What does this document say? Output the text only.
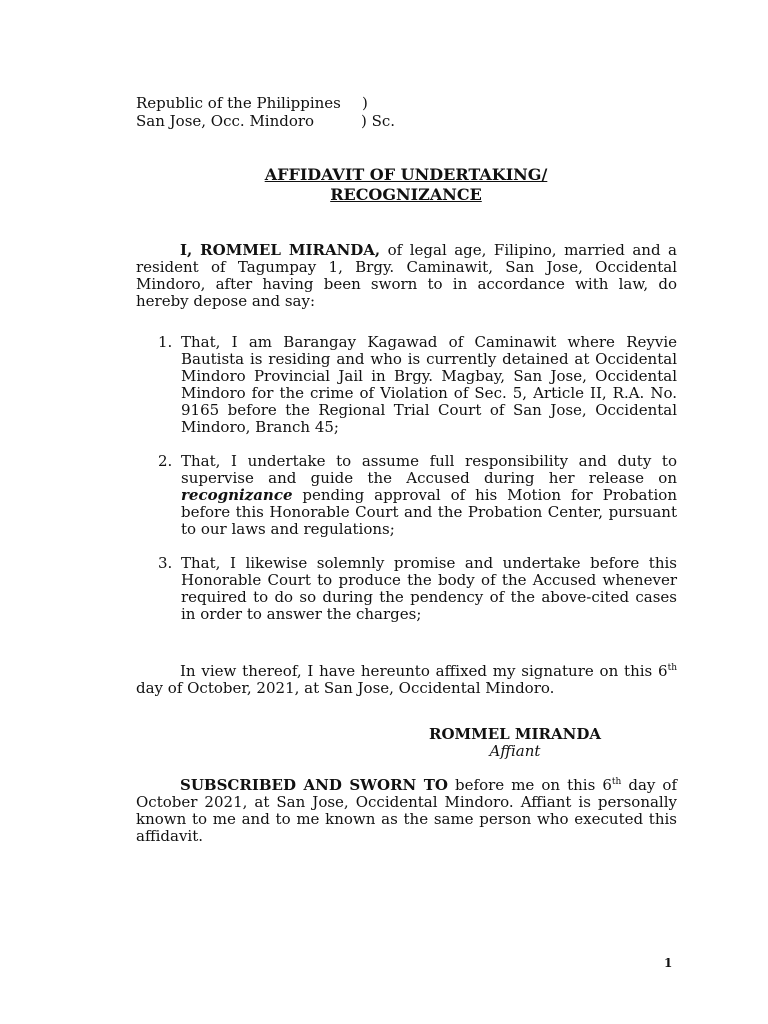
Republic of the Philippines )
San Jose, Occ. Mindoro	) Sc.
AFFIDAVIT OF UNDERTAKING/
RECOGNIZANCE
I, ROMMEL MIRANDA, of legal age, Filipino, married and a resident of Tagumpay 1, Brgy. Caminawit, San Jose, Occidental Mindoro, after having been sworn to in accordance with law, do hereby depose and say:
1. That, I am Barangay Kagawad of Caminawit where Reyvie Bautista is residing and who is currently detained at Occidental Mindoro Provincial Jail in Brgy. Magbay, San Jose, Occidental Mindoro for the crime of Violation of Sec. 5, Article II, R.A. No. 9165 before the Regional Trial Court of San Jose, Occidental Mindoro, Branch 45;
2. That, I undertake to assume full responsibility and duty to supervise and guide the Accused during her release on recognizance pending approval of his Motion for Probation before this Honorable Court and the Probation Center, pursuant to our laws and regulations;
3. That, I likewise solemnly promise and undertake before this Honorable Court to produce the body of the Accused whenever required to do so during the pendency of the above-cited cases in order to answer the charges;
In view thereof, I have hereunto affixed my signature on this 6th day of October, 2021, at San Jose, Occidental Mindoro.
ROMMEL MIRANDA
Affiant
SUBSCRIBED AND SWORN TO before me on this 6th day of October 2021, at San Jose, Occidental Mindoro. Affiant is personally known to me and to me known as the same person who executed this affidavit.
1
